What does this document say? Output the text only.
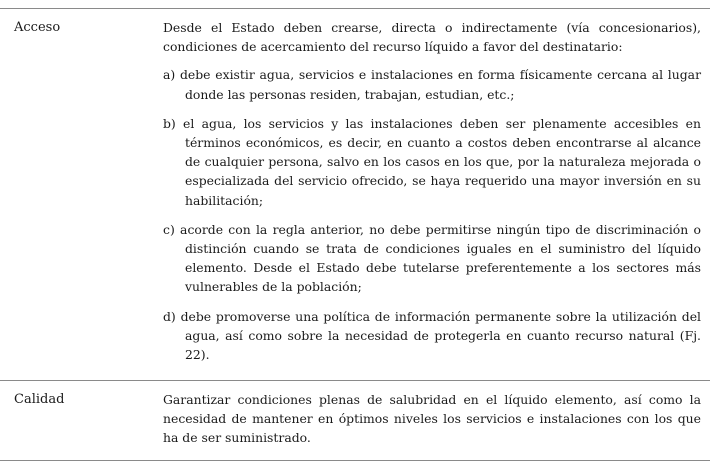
Acceso	Desde el Estado deben crearse, directa o indirectamente (vía concesionarios), condiciones de acercamiento del recurso líquido a favor del destinatario:

a) debe existir agua, servicios e instalaciones en forma físicamente cercana al lugar donde las personas residen, trabajan, estudian, etc.;

b) el agua, los servicios y las instalaciones deben ser plenamente accesibles en términos económicos, es decir, en cuanto a costos deben encontrarse al alcance de cualquier persona, salvo en los casos en los que, por la naturaleza mejorada o especializada del servicio ofrecido, se haya requerido una mayor inversión en su habilitación;

c) acorde con la regla anterior, no debe permitirse ningún tipo de discriminación o distinción cuando se trata de condiciones iguales en el suministro del líquido elemento. Desde el Estado debe tutelarse preferentemente a los sectores más vulnerables de la población;

d) debe promoverse una política de información permanente sobre la utilización del agua, así como sobre la necesidad de protegerla en cuanto recurso natural (Fj. 22).

Calidad	Garantizar condiciones plenas de salubridad en el líquido elemento, así como la necesidad de mantener en óptimos niveles los servicios e instalaciones con los que ha de ser suministrado.
